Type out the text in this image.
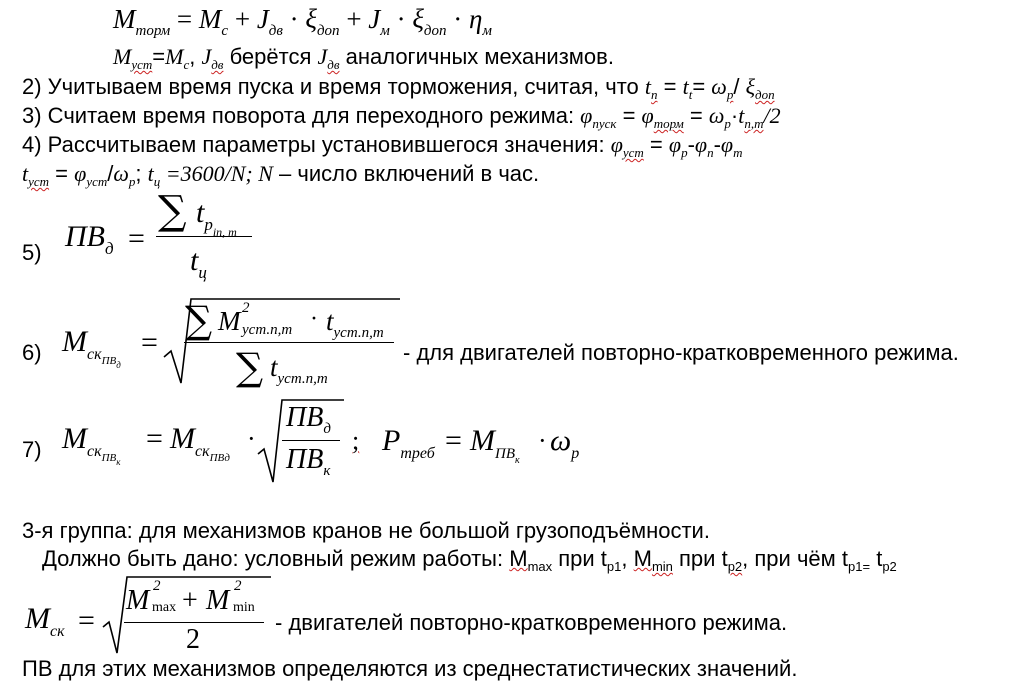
$M_{торм} = M_c + J_{дв} \cdot \xi_{доп} + J_м \cdot \xi_{доп} \cdot \eta_м$
$M_{уст}=M_c$, $J_{дв}$ берётся $J_{дв}$ аналогичных механизмов.
2) Учитываем время пуска и время торможения, считая, что $t_п = t_t= \omega_р/$ $\xi_{доп}$
3) Считаем время поворота для переходного режима: $\varphi_{пуск} = \varphi_{торм} = \omega_р\cdot t_{п,т}/2$
4) Рассчитываем параметры установившегося значения: $\varphi_{уст} = \varphi_р-\varphi_п-\varphi_т$
$t_{уст} = \varphi_{уст}/\omega_р$; $t_ц =3600/N$; N – число включений в час.
5) $ПВ_д$ =
∑ $t_{pin, m}$
$t_ц$
6) $M_{скПВд}$
=
∑ M 2
$уст.n,m \cdot t_{уст.n,m}$
∑ $t_{уст.n,m}$
- для двигателей повторно-кратковременного режима.
7) $M_{скПВк}$
= $M_{скПВд}$
·
$ПВ_д$
$ПВ_к$
; $P_{треб} = M_{ПВк}$
· $\omega_р$
3-я группа: для механизмов кранов не большой грузоподъёмности.
Должно быть дано: условный режим работы: $M_{max}$ при $t_{p1}$, $M_{min}$ при $t_{p2}$, при чём $t_{p1=}$ $t_{p2}$
$M_{ск}$ =
M 2
max + M 2
min
2
- двигателей повторно-кратковременного режима.
ПВ для этих механизмов определяются из среднестатистических значений.
